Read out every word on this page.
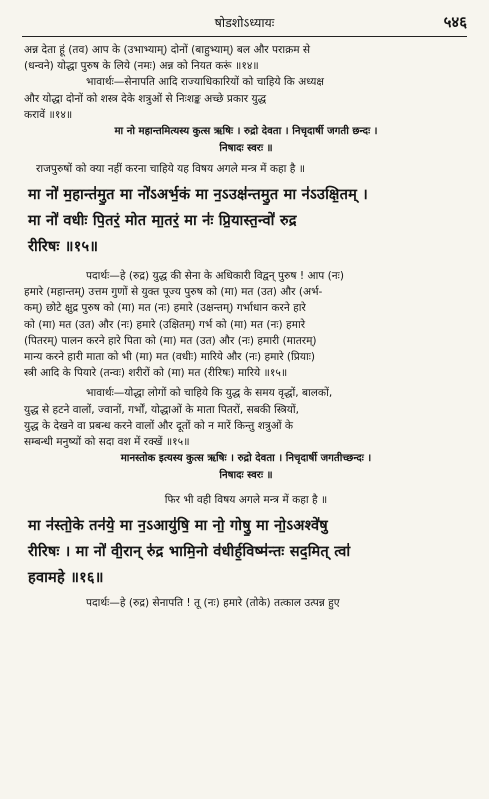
षोडशोऽध्यायः	५४६

अन्न देता हूं (तव) आप के (उभाभ्याम्) दोनों (बाहुभ्याम्) बल और पराक्रम से

(धन्वने) योद्धा पुरुष के लिये (नमः) अन्न को नियत करूं ॥१४॥

भावार्थः—सेनापति आदि राज्याधिकारियों को चाहिये कि अध्यक्ष

और योद्धा दोनों को शस्त्र देके शत्रुओं से निःशङ्क अच्छे प्रकार युद्ध

करावें ॥१४॥

मा नो महान्तमित्यस्य कुत्स ऋषिः । रुद्रो देवता । निचृदार्षी जगती छन्दः ।

निषादः स्वरः ॥

राजपुरुषों को क्या नहीं करना चाहिये यह विषय अगले मन्त्र में कहा है ॥

मा नो॑ म॒हान्त॑मु॒त मा नो॑ऽअर्भ॒कं मा न॒ऽउक्ष॑न्तमु॒त मा न॑ऽउक्षि॒तम् ।

मा नो॑ वधीः पि॒तरं॒ मोत मा॒तरं॒ मा नः॑ प्रि॒यास्त॒न्वो॑ रुद्र

रीरिषः ॥१५॥

पदार्थः—हे (रुद्र) युद्ध की सेना के अधिकारी विद्वन् पुरुष ! आप (नः)

हमारे (महान्तम्) उत्तम गुणों से युक्त पूज्य पुरुष को (मा) मत (उत) और (अर्भ-

कम्) छोटे क्षुद्र पुरुष को (मा) मत (नः) हमारे (उक्षन्तम्) गर्भाधान करने हारे

को (मा) मत (उत) और (नः) हमारे (उक्षितम्) गर्भ को (मा) मत (नः) हमारे

(पितरम्) पालन करने हारे पिता को (मा) मत (उत) और (नः) हमारी (मातरम्)

मान्य करने हारी माता को भी (मा) मत (वधीः) मारिये और (नः) हमारे (प्रियाः)

स्त्री आदि के पियारे (तन्वः) शरीरों को (मा) मत (रीरिषः) मारिये ॥१५॥

भावार्थः—योद्धा लोगों को चाहिये कि युद्ध के समय वृद्धों, बालकों,

युद्ध से हटने वालों, ज्वानों, गर्भों, योद्धाओं के माता पितरों, सबकी स्त्रियों,

युद्ध के देखने वा प्रबन्ध करने वालों और दूतों को न मारें किन्तु शत्रुओं के

सम्बन्धी मनुष्यों को सदा वश में रक्खें ॥१५॥

मानस्तोक इत्यस्य कुत्स ऋषिः । रुद्रो देवता । निचृदार्षी जगतीच्छन्दः ।

निषादः स्वरः ॥

फिर भी वही विषय अगले मन्त्र में कहा है ॥

मा न॑स्तो॒के तन॑ये॒ मा न॒ऽआयु॑षि॒ मा नो॒ गोषु॒ मा नो॒ऽअश्वे॑षु

रीरिषः । मा नो॑ वी॒रान् रु॑द्र भामि॒नो व॑धीर्ह॒विष्म॑न्तः सद॒मित् त्वा॑

हवामहे ॥१६॥

पदार्थः—हे (रुद्र) सेनापति ! तू (नः) हमारे (तोके) तत्काल उत्पन्न हुए
